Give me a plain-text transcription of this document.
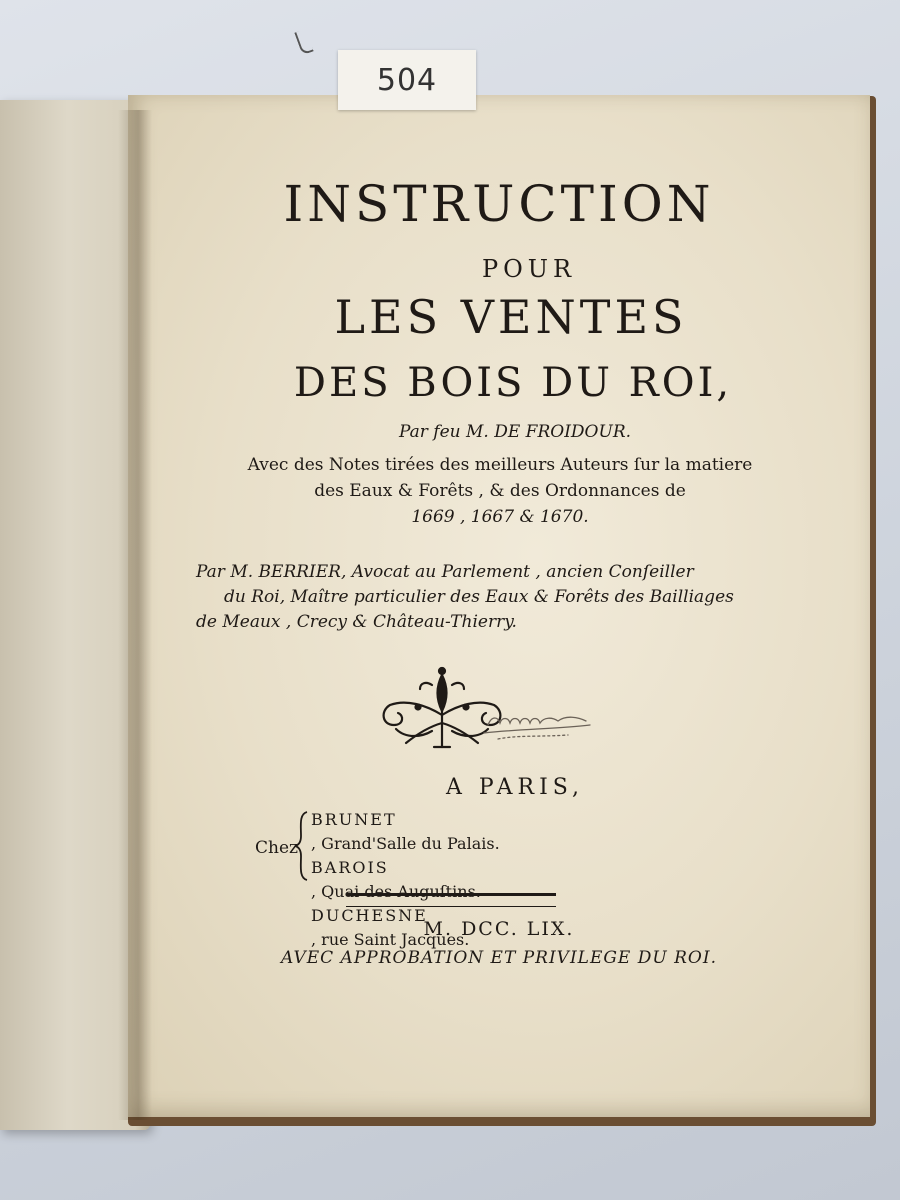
504
INSTRUCTION
POUR
LES VENTES
DES BOIS DU ROI,
Par feu M. DE FROIDOUR.
Avec des Notes tirées des meilleurs Auteurs ſur la matiere
des Eaux & Forêts , & des Ordonnances de
1669 , 1667 & 1670.
Par M. BERRIER, Avocat au Parlement , ancien Conſeiller
du Roi, Maître particulier des Eaux & Forêts des Bailliages
de Meaux , Crecy & Château-Thierry.
A PARIS,
Chez
BRUNET
, Grand'Salle du Palais.
BAROIS
, Quai des Auguſtins.
DUCHESNE
, rue Saint Jacques.
M. DCC. LIX.
AVEC APPROBATION ET PRIVILEGE DU ROI.
